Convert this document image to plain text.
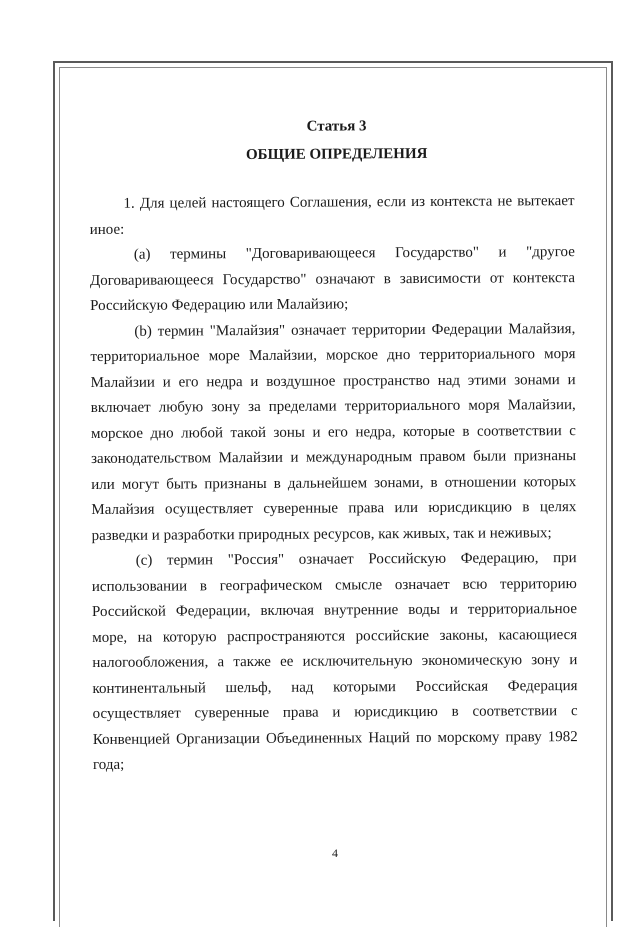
Статья 3
ОБЩИЕ ОПРЕДЕЛЕНИЯ

1. Для целей настоящего Соглашения, если из контекста не вытекает иное:

(a) термины "Договаривающееся Государство" и "другое Договаривающееся Государство" означают в зависимости от контекста Российскую Федерацию или Малайзию;

(b) термин "Малайзия" означает территории Федерации Малайзия, территориальное море Малайзии, морское дно территориального моря Малайзии и его недра и воздушное пространство над этими зонами и включает любую зону за пределами территориального моря Малайзии, морское дно любой такой зоны и его недра, которые в соответствии с законодательством Малайзии и международным правом были признаны или могут быть признаны в дальнейшем зонами, в отношении которых Малайзия осуществляет суверенные права или юрисдикцию в целях разведки и разработки природных ресурсов, как живых, так и неживых;

(c) термин "Россия" означает Российскую Федерацию, при использовании в географическом смысле означает всю территорию Российской Федерации, включая внутренние воды и территориальное море, на которую распространяются российские законы, касающиеся налогообложения, а также ее исключительную экономическую зону и континентальный шельф, над которыми Российская Федерация осуществляет суверенные права и юрисдикцию в соответствии с Конвенцией Организации Объединенных Наций по морскому праву 1982 года;

4
